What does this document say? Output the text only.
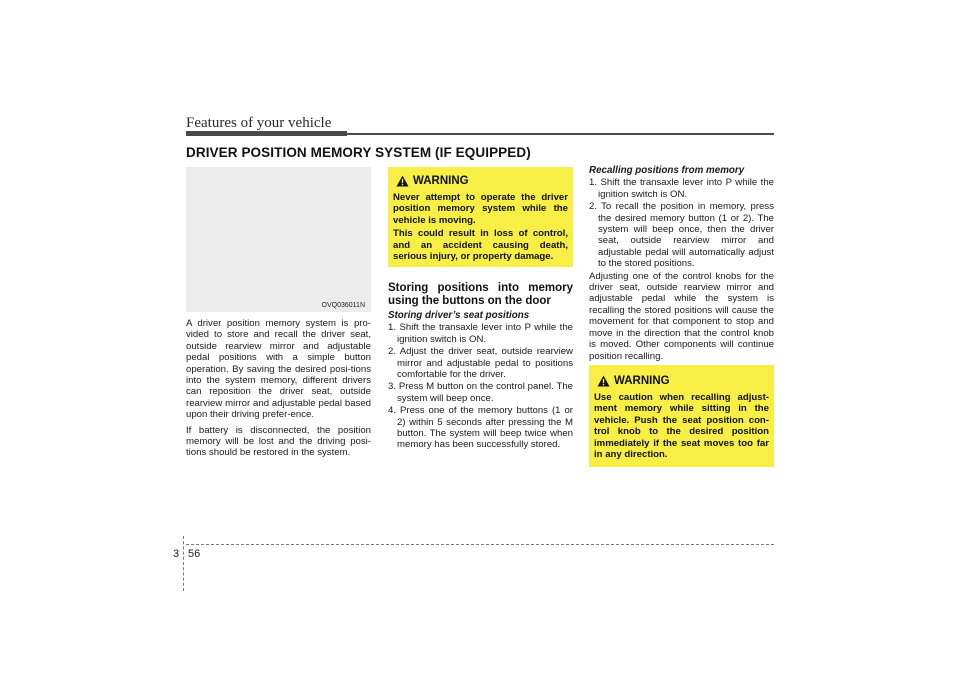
Features of your vehicle
DRIVER POSITION MEMORY SYSTEM (IF EQUIPPED)
OVQ036011N

A driver position memory system is pro-vided to store and recall the driver seat, outside rearview mirror and adjustable pedal positions with a simple button operation. By saving the desired posi-tions into the system memory, different drivers can reposition the driver seat, outside rearview mirror and adjustable pedal based upon their driving prefer-ence.

If battery is disconnected, the position memory will be lost and the driving posi-tions should be restored in the system.

WARNING

Never attempt to operate the driver position memory system while the vehicle is moving.

This could result in loss of control, and an accident causing death, serious injury, or property damage.

Storing positions into memory using the buttons on the door
Storing driver’s seat positions
1. Shift the transaxle lever into P while the ignition switch is ON.
2. Adjust the driver seat, outside rearview mirror and adjustable pedal to positions comfortable for the driver.
3. Press M button on the control panel. The system will beep once.
4. Press one of the memory buttons (1 or 2) within 5 seconds after pressing the M button. The system will beep twice when memory has been successfully stored.
Recalling positions from memory
1. Shift the transaxle lever into P while the ignition switch is ON.
2. To recall the position in memory, press the desired memory button (1 or 2). The system will beep once, then the driver seat, outside rearview mirror and adjustable pedal will automatically adjust to the stored positions.

Adjusting one of the control knobs for the driver seat, outside rearview mirror and adjustable pedal while the system is recalling the stored positions will cause the movement for that component to stop and move in the direction that the control knob is moved. Other components will continue position recalling.

WARNING
Use caution when recalling adjust-ment memory while sitting in the vehicle. Push the seat position con-trol knob to the desired position immediately if the seat moves too far in any direction.
3 56
